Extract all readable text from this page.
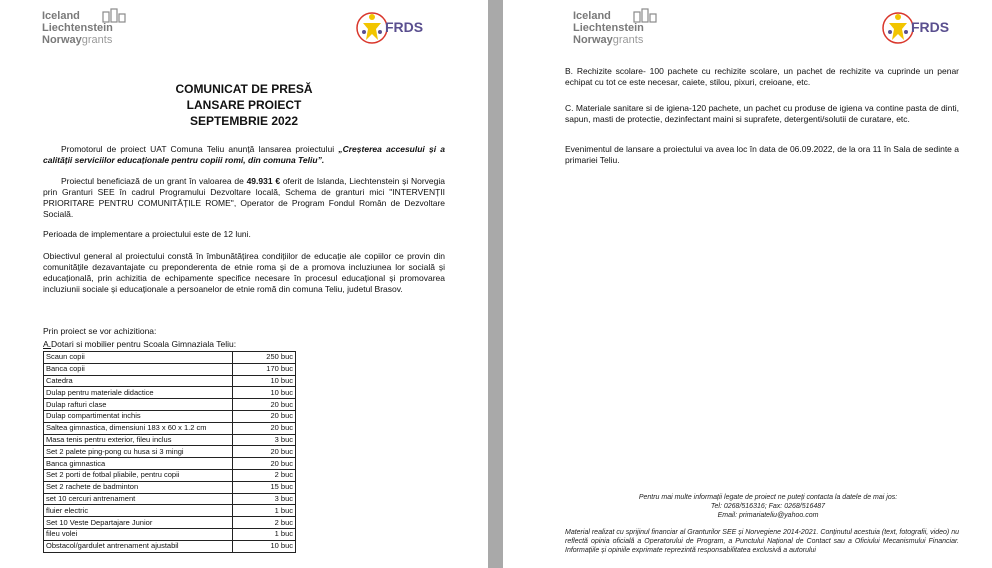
Iceland
Liechtenstein
Norwaygrants
FRDS
COMUNICAT DE PRESĂ
LANSARE PROIECT
SEPTEMBRIE 2022
Promotorul de proiect UAT Comuna Teliu anunță lansarea proiectului „Creșterea accesului și a calității serviciilor educaționale pentru copiii romi, din comuna Teliu”.
Proiectul beneficiază de un grant în valoarea de 49.931 € oferit de Islanda, Liechtenstein și Norvegia prin Granturi SEE în cadrul Programului Dezvoltare locală, Schema de granturi mici "INTERVENȚII PRIORITARE PENTRU COMUNITĂȚILE ROME", Operator de Program Fondul Român de Dezvoltare Socială.
Perioada de implementare a proiectului este de 12 luni.
Obiectivul general al proiectului constă în îmbunătățirea condițiilor de educație ale copiilor ce provin din comunitățile dezavantajate cu preponderenta de etnie roma și de a promova incluziunea lor socială și educațională, prin achizitia de echipamente specifice necesare în procesul educațional și promovarea incluziunii sociale și educaționale a persoanelor de etnie romă din comuna Teliu, judetul Brasov.
Prin proiect se vor achizitiona:
A.Dotari si mobilier pentru Scoala Gimnaziala Teliu:
Scaun copii	250 buc
Banca copii	170 buc
Catedra	10 buc
Dulap pentru materiale didactice	10 buc
Dulap rafturi clase	20 buc
Dulap compartimentat inchis	20 buc
Saltea gimnastica, dimensiuni 183 x 60 x 1.2 cm	20 buc
Masa tenis pentru exterior, fileu inclus	3 buc
Set 2 palete ping-pong cu husa si 3 mingi	20 buc
Banca gimnastica	20 buc
Set 2 porti de fotbal pliabile, pentru copii	2 buc
Set 2 rachete de badminton	15 buc
set 10 cercuri antrenament	3 buc
fluier electric	1 buc
Set 10 Veste Departajare Junior	2 buc
fileu volei	1 buc
Obstacol/gardulet antrenament ajustabil	10 buc
Iceland
Liechtenstein
Norwaygrants
FRDS
B. Rechizite scolare- 100 pachete cu rechizite scolare, un pachet de rechizite va cuprinde un penar echipat cu tot ce este necesar, caiete, stilou, pixuri, creioane, etc.
C. Materiale sanitare si de igiena-120 pachete, un pachet cu produse de igiena va contine pasta de dinti, sapun, masti de protectie, dezinfectant maini si suprafete, detergenti/solutii de curatare, etc.
Evenimentul de lansare a proiectului va avea loc în data de 06.09.2022, de la ora 11 în Sala de sedinte a primariei Teliu.
Pentru mai multe informații legate de proiect ne puteți contacta la datele de mai jos:
Tel: 0268/516316; Fax: 0268/516487
Email: primariateliu@yahoo.com
Material realizat cu sprijinul financiar al Granturilor SEE și Norvegiene 2014-2021. Conținutul acestuia (text, fotografii, video) nu reflectă opinia oficială a Operatorului de Program, a Punctului Național de Contact sau a Oficiului Mecanismului Financiar. Informațiile și opiniile exprimate reprezintă responsabilitatea exclusivă a autorului
